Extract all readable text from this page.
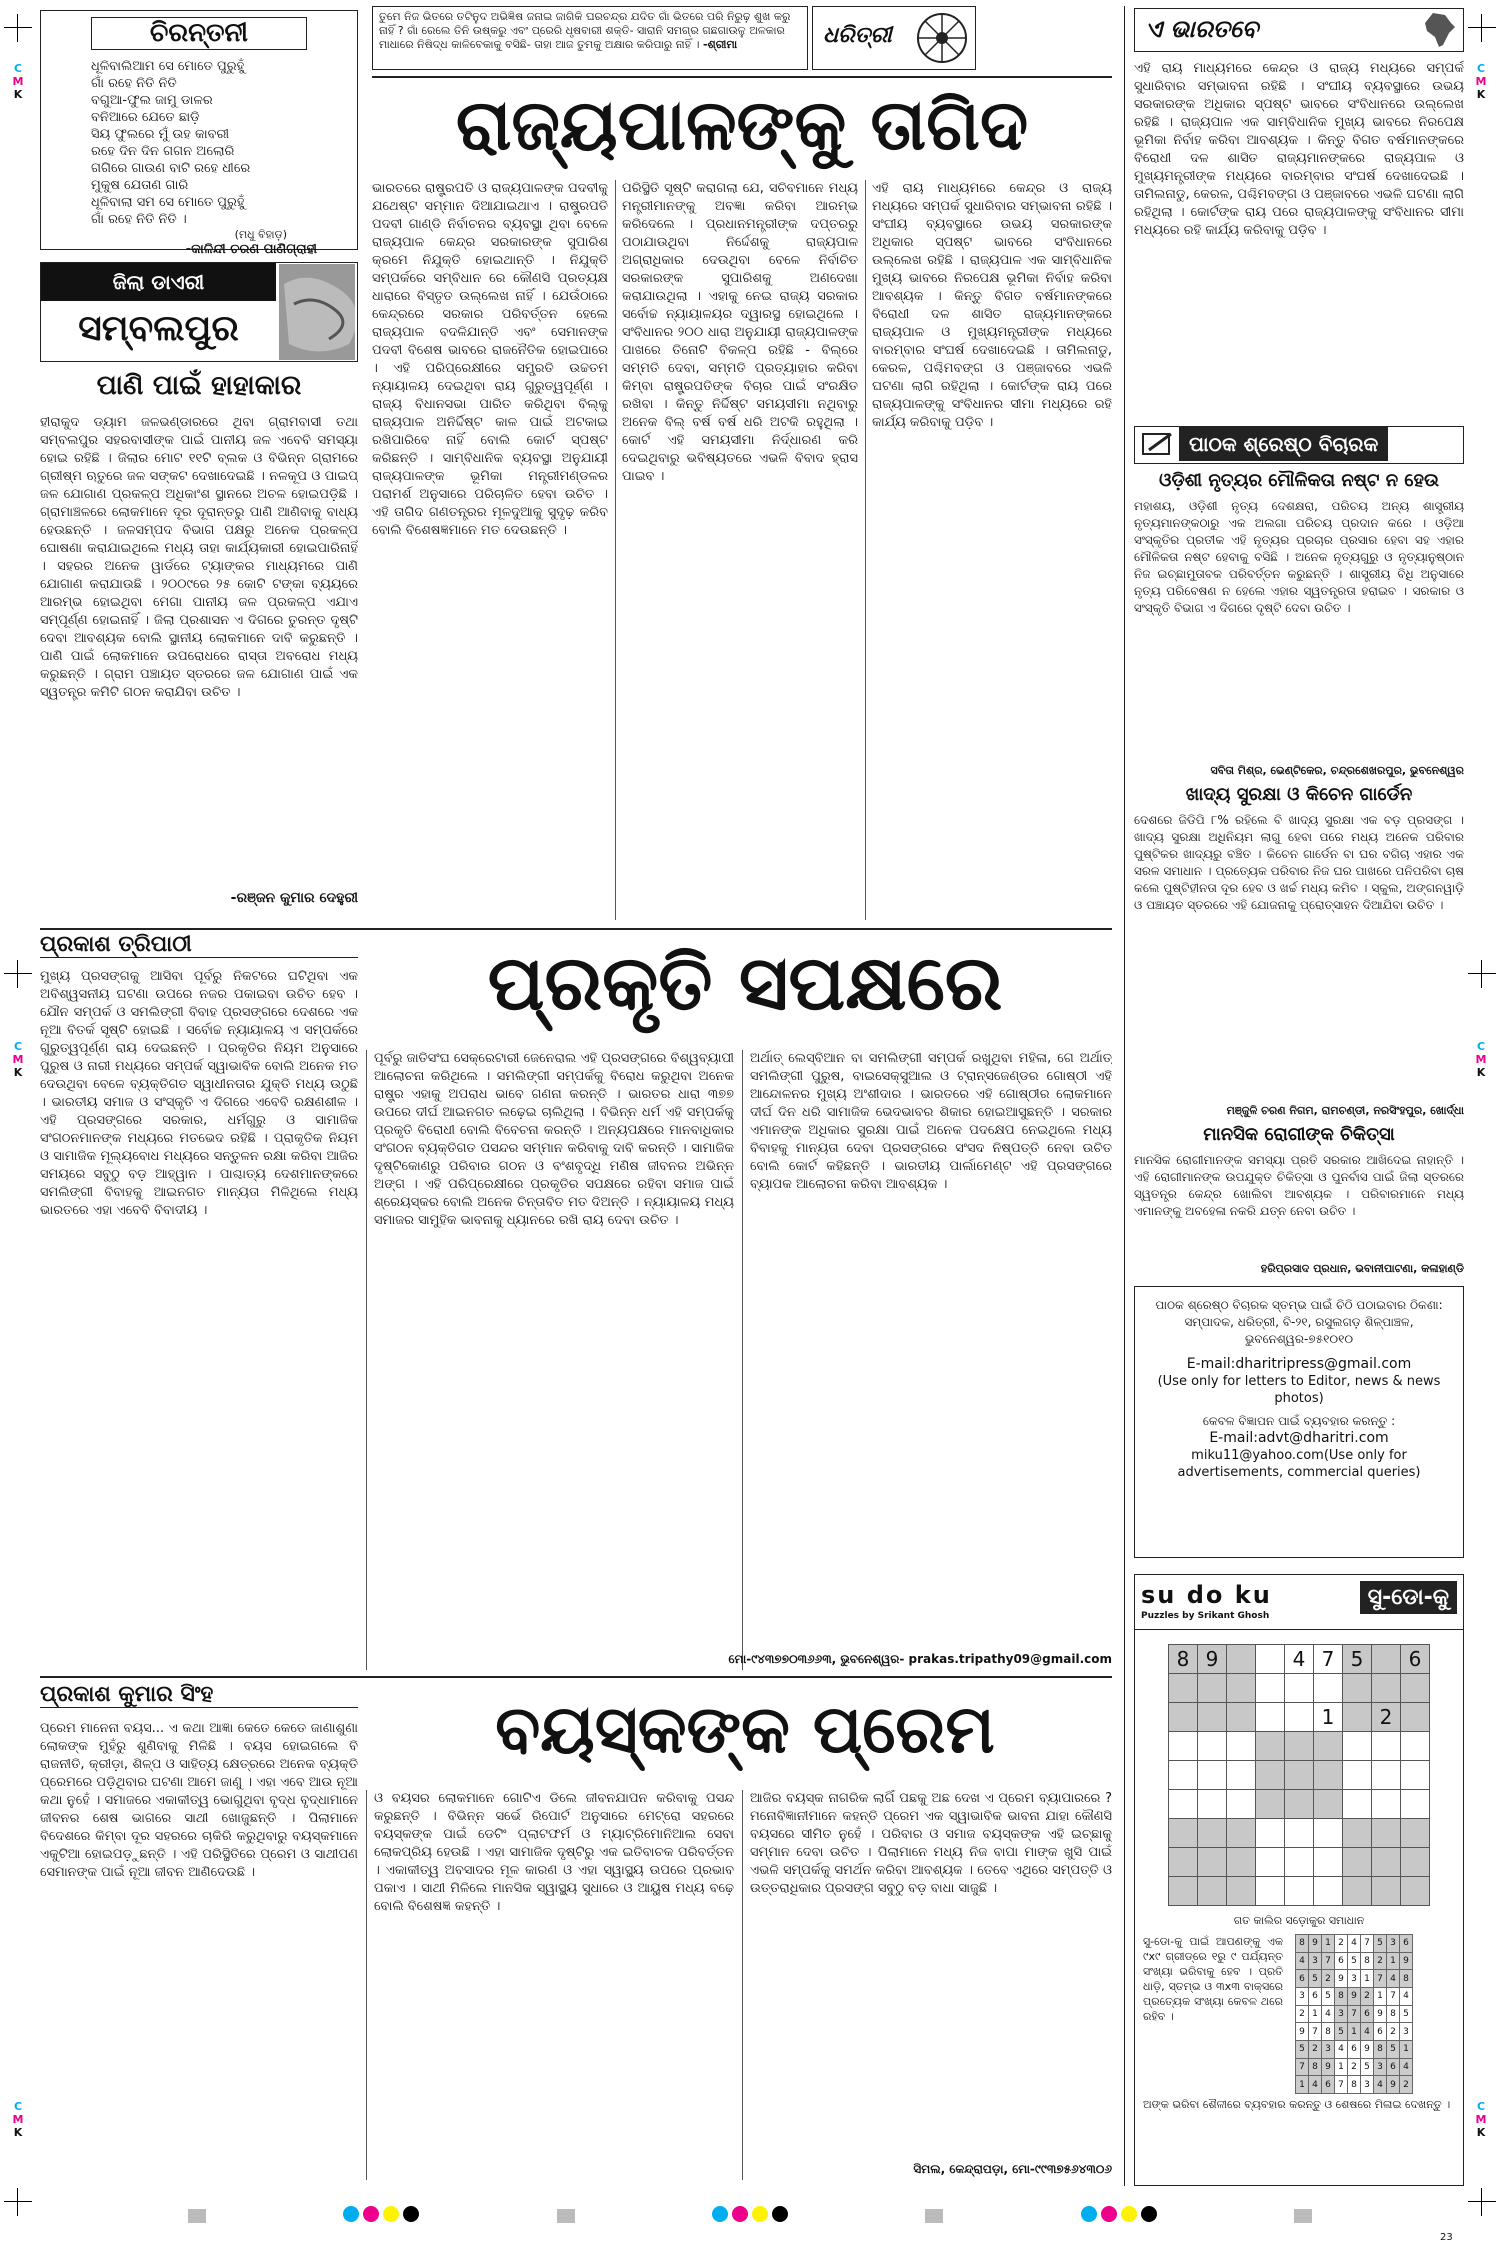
C
M
K
C
M
K
C
M
K
C
M
K
C
M
K
C
M
K
ଚିରନ୍ତନୀ
ଧୂଳିବାଲିଆମ ସେ ମୋତେ ପୁରୁହୁଁ
ଗାଁ ରହେ ନିତି ନିତି
ବଗୁଆ-ଫୁଲ ଜାମୁ ଡାଳର
ବନିଆରେ ଯେତେ ଛାଡ଼ି
ସିୟ ଫୁଲରେ ମୁଁ ଉହ କାବରୀ
ରହେ ଦିନ ଦିନ ଗଗନ ଅଲୋରି
ଗଗିରେ ଗାଉଣ ବାଟି ରହେ ଧୀରେ
ମୁକୁଷ ଯେତାଣ ଗାରି
ଧୂଳିବାଲା ସମ ସେ ମୋତେ ପୁରୁହୁଁ
ଗାଁ ରହେ ନିତି ନିତି ।
(ମଧୁ ବିହାଡ଼)
-କାଳିନ୍ଦୀ ଚରଣ ପାଣିଗ୍ରାହୀ
ଜିଲା ଡାଏରୀ
ସମ୍ବଲପୁର
ପାଣି ପାଇଁ ହାହାକାର
ହୀରାକୁଦ ଡ୍ୟାମ ଜଳଭଣ୍ଡାରରେ ଥିବା ଗ୍ରାମବାସୀ ତଥା ସମ୍ବଲପୁର ସହରବାସୀଙ୍କ ପାଇଁ ପାନୀୟ ଜଳ ଏବେବି ସମସ୍ୟା ହୋଇ ରହିଛି । ଜିଲାର ମୋଟ ୧୧ଟି ବ୍ଲକ ଓ ବିଭିନ୍ନ ଗ୍ରାମରେ ଗ୍ରୀଷ୍ମ ଋତୁରେ ଜଳ ସଙ୍କଟ ଦେଖାଦେଇଛି । ନଳକୂପ ଓ ପାଇପ୍ ଜଳ ଯୋଗାଣ ପ୍ରକଳ୍ପ ଅଧିକାଂଶ ସ୍ଥାନରେ ଅଚଳ ହୋଇପଡ଼ିଛି । ଗ୍ରାମାଞ୍ଚଳରେ ଲୋକମାନେ ଦୂର ଦୂରାନ୍ତରୁ ପାଣି ଆଣିବାକୁ ବାଧ୍ୟ ହେଉଛନ୍ତି । ଜଳସମ୍ପଦ ବିଭାଗ ପକ୍ଷରୁ ଅନେକ ପ୍ରକଳ୍ପ ଘୋଷଣା କରାଯାଇଥିଲେ ମଧ୍ୟ ତାହା କାର୍ଯ୍ୟକାରୀ ହୋଇପାରିନାହିଁ । ସହରର ଅନେକ ୱାର୍ଡରେ ଟ୍ୟାଙ୍କର ମାଧ୍ୟମରେ ପାଣି ଯୋଗାଣ କରାଯାଉଛି । ୨୦୦୯ରେ ୨୫ କୋଟି ଟଙ୍କା ବ୍ୟୟରେ ଆରମ୍ଭ ହୋଇଥିବା ମେଗା ପାନୀୟ ଜଳ ପ୍ରକଳ୍ପ ଏଯାଏ ସମ୍ପୂର୍ଣ୍ଣ ହୋଇନାହିଁ । ଜିଲା ପ୍ରଶାସନ ଏ ଦିଗରେ ତୁରନ୍ତ ଦୃଷ୍ଟି ଦେବା ଆବଶ୍ୟକ ବୋଲି ସ୍ଥାନୀୟ ଲୋକମାନେ ଦାବି କରୁଛନ୍ତି । ପାଣି ପାଇଁ ଲୋକମାନେ ଉପରୋଧରେ ରାସ୍ତା ଅବରୋଧ ମଧ୍ୟ କରୁଛନ୍ତି । ଗ୍ରାମ ପଞ୍ଚାୟତ ସ୍ତରରେ ଜଳ ଯୋଗାଣ ପାଇଁ ଏକ ସ୍ୱତନ୍ତ୍ର କମିଟି ଗଠନ କରାଯିବା ଉଚିତ ।
-ରଞ୍ଜନ କୁମାର ଦେହୁରୀ
ତୁମେ ନିଜ ଭିତରେ ତଟିନୁଦ ଅଭିଜ୍ଞିଷ ଜନାଇ ଜାଗିକି ଘରଚନ୍ଦ୍ର ଯଦିତ ଗାଁ ଭିତରେ ପରି ନିରୁଢ଼ ଶୁଖ କରୁ ନାହିଁ ? ଗାଁ ରେଲେ ତିନି ଉଷ୍କରୁ ଏବଂ ପ୍ରେରି ଧୃଷବାରୀ ଶକ୍ତି- ସାରାନି ସମଗ୍ର ଗଛଗାଉଳୁ ଅଳକାର ମାଧାରେ ନିଷିଦ୍ଧ କାଳିବେକାକୁ ବସିଛି- ତାହା ଆଜ ତୁମକୁ ଅକ୍ଷାର କରିପାରୁ ନାହିଁ । -ଶ୍ରୀମା	ଧରିତ୍ରୀ
ରାଜ୍ୟପାଳଙ୍କୁ ତାଗିଦ
ଭାରତରେ ରାଷ୍ଟ୍ରପତି ଓ ରାଜ୍ୟପାଳଙ୍କ ପଦବୀକୁ ଯଥେଷ୍ଟ ସମ୍ମାନ ଦିଆଯାଇଥାଏ । ରାଷ୍ଟ୍ରପତି ପଦବୀ ଗାଣ୍ଡି ନିର୍ବାଚନର ବ୍ୟବସ୍ଥା ଥିବା ବେଳେ ରାଜ୍ୟପାଳ କେନ୍ଦ୍ର ସରକାରଙ୍କ ସୁପାରିଶ କ୍ରମେ ନିଯୁକ୍ତି ହୋଇଥାନ୍ତି । ନିଯୁକ୍ତି ସମ୍ପର୍କରେ ସମ୍ବିଧାନ ରେ କୌଣସି ପ୍ରତ୍ୟକ୍ଷ ଧାରାରେ ବିସ୍ତୃତ ଉଲ୍ଲେଖ ନାହିଁ । ଯେଉଁଠାରେ କେନ୍ଦ୍ରରେ ସରକାର ପରିବର୍ତ୍ତନ ହେଲେ ରାଜ୍ୟପାଳ ବଦଳିଯାନ୍ତି ଏବଂ ସେମାନଙ୍କ ପଦବୀ ବିଶେଷ ଭାବରେ ରାଜନୈତିକ ହୋଇପାରେ । ଏହି ପରିପ୍ରେକ୍ଷୀରେ ସମ୍ପ୍ରତି ଉଚ୍ଚତମ ନ୍ୟାୟାଳୟ ଦେଇଥିବା ରାୟ ଗୁରୁତ୍ୱପୂର୍ଣ୍ଣ । ରାଜ୍ୟ ବିଧାନସଭା ପାରିତ କରିଥିବା ବିଲ୍‌କୁ ରାଜ୍ୟପାଳ ଅନିର୍ଦ୍ଦିଷ୍ଟ କାଳ ପାଇଁ ଅଟକାଇ ରଖିପାରିବେ ନାହିଁ ବୋଲି କୋର୍ଟ ସ୍ପଷ୍ଟ କରିଛନ୍ତି । ସାମ୍ବିଧାନିକ ବ୍ୟବସ୍ଥା ଅନୁଯାୟୀ ରାଜ୍ୟପାଳଙ୍କ ଭୂମିକା ମନ୍ତ୍ରୀମଣ୍ଡଳର ପରାମର୍ଶ ଅନୁସାରେ ପରିଚାଳିତ ହେବା ଉଚିତ । ଏହି ତାଗିଦ ଗଣତନ୍ତ୍ରର ମୂଳଦୁଆକୁ ସୁଦୃଢ଼ କରିବ ବୋଲି ବିଶେଷଜ୍ଞମାନେ ମତ ଦେଉଛନ୍ତି ।
ପରିସ୍ଥିତି ସୃଷ୍ଟି କରାଗଲା ଯେ, ସଚିବମାନେ ମଧ୍ୟ ମନ୍ତ୍ରୀମାନଙ୍କୁ ଅବଜ୍ଞା କରିବା ଆରମ୍ଭ କରିଦେଲେ । ପ୍ରଧାନମନ୍ତ୍ରୀଙ୍କ ଦପ୍ତରରୁ ପଠାଯାଉଥିବା ନିର୍ଦ୍ଦେଶକୁ ରାଜ୍ୟପାଳ ଅଗ୍ରାଧିକାର ଦେଉଥିବା ବେଳେ ନିର୍ବାଚିତ ସରକାରଙ୍କ ସୁପାରିଶକୁ ଅଣଦେଖା କରାଯାଉଥିଲା । ଏହାକୁ ନେଇ ରାଜ୍ୟ ସରକାର ସର୍ବୋଚ୍ଚ ନ୍ୟାୟାଳୟର ଦ୍ୱାରସ୍ଥ ହୋଇଥିଲେ । ସଂବିଧାନର ୨୦୦ ଧାରା ଅନୁଯାୟୀ ରାଜ୍ୟପାଳଙ୍କ ପାଖରେ ତିନୋଟି ବିକଳ୍ପ ରହିଛି - ବିଲ୍‌ରେ ସମ୍ମତି ଦେବା, ସମ୍ମତି ପ୍ରତ୍ୟାହାର କରିବା କିମ୍ବା ରାଷ୍ଟ୍ରପତିଙ୍କ ବିଚାର ପାଇଁ ସଂରକ୍ଷିତ ରଖିବା । କିନ୍ତୁ ନିର୍ଦ୍ଦିଷ୍ଟ ସମୟସୀମା ନଥିବାରୁ ଅନେକ ବିଲ୍ ବର୍ଷ ବର୍ଷ ଧରି ଅଟକି ରହୁଥିଲା । କୋର୍ଟ ଏହି ସମୟସୀମା ନିର୍ଦ୍ଧାରଣ କରି ଦେଇଥିବାରୁ ଭବିଷ୍ୟତରେ ଏଭଳି ବିବାଦ ହ୍ରାସ ପାଇବ ।
ଏହି ରାୟ ମାଧ୍ୟମରେ କେନ୍ଦ୍ର ଓ ରାଜ୍ୟ ମଧ୍ୟରେ ସମ୍ପର୍କ ସୁଧାରିବାର ସମ୍ଭାବନା ରହିଛି । ସଂଘୀୟ ବ୍ୟବସ୍ଥାରେ ଉଭୟ ସରକାରଙ୍କ ଅଧିକାର ସ୍ପଷ୍ଟ ଭାବରେ ସଂବିଧାନରେ ଉଲ୍ଲେଖ ରହିଛି । ରାଜ୍ୟପାଳ ଏକ ସାମ୍ବିଧାନିକ ମୁଖ୍ୟ ଭାବରେ ନିରପେକ୍ଷ ଭୂମିକା ନିର୍ବାହ କରିବା ଆବଶ୍ୟକ । କିନ୍ତୁ ବିଗତ ବର୍ଷମାନଙ୍କରେ ବିରୋଧୀ ଦଳ ଶାସିତ ରାଜ୍ୟମାନଙ୍କରେ ରାଜ୍ୟପାଳ ଓ ମୁଖ୍ୟମନ୍ତ୍ରୀଙ୍କ ମଧ୍ୟରେ ବାରମ୍ବାର ସଂଘର୍ଷ ଦେଖାଦେଇଛି । ତାମିଲନାଡୁ, କେରଳ, ପଶ୍ଚିମବଙ୍ଗ ଓ ପଞ୍ଜାବରେ ଏଭଳି ଘଟଣା ଲାଗି ରହିଥିଲା । କୋର୍ଟଙ୍କ ରାୟ ପରେ ରାଜ୍ୟପାଳଙ୍କୁ ସଂବିଧାନର ସୀମା ମଧ୍ୟରେ ରହି କାର୍ଯ୍ୟ କରିବାକୁ ପଡ଼ିବ ।
ପ୍ରକାଶ ତ୍ରିପାଠୀ	ପ୍ରକୃତି ସପକ୍ଷରେ
ମୁଖ୍ୟ ପ୍ରସଙ୍ଗକୁ ଆସିବା ପୂର୍ବରୁ ନିକଟରେ ଘଟିଥିବା ଏକ ଅବିଶ୍ୱସନୀୟ ଘଟଣା ଉପରେ ନଜର ପକାଇବା ଉଚିତ ହେବ । ଯୌନ ସମ୍ପର୍କ ଓ ସମଲିଙ୍ଗୀ ବିବାହ ପ୍ରସଙ୍ଗରେ ଦେଶରେ ଏକ ନୂଆ ବିତର୍କ ସୃଷ୍ଟି ହୋଇଛି । ସର୍ବୋଚ୍ଚ ନ୍ୟାୟାଳୟ ଏ ସମ୍ପର୍କରେ ଗୁରୁତ୍ୱପୂର୍ଣ୍ଣ ରାୟ ଦେଇଛନ୍ତି । ପ୍ରକୃତିର ନିୟମ ଅନୁସାରେ ପୁରୁଷ ଓ ନାରୀ ମଧ୍ୟରେ ସମ୍ପର୍କ ସ୍ୱାଭାବିକ ବୋଲି ଅନେକ ମତ ଦେଉଥିବା ବେଳେ ବ୍ୟକ୍ତିଗତ ସ୍ୱାଧୀନତାର ଯୁକ୍ତି ମଧ୍ୟ ଉଠୁଛି । ଭାରତୀୟ ସମାଜ ଓ ସଂସ୍କୃତି ଏ ଦିଗରେ ଏବେବି ରକ୍ଷଣଶୀଳ । ଏହି ପ୍ରସଙ୍ଗରେ ସରକାର, ଧର୍ମଗୁରୁ ଓ ସାମାଜିକ ସଂଗଠନମାନଙ୍କ ମଧ୍ୟରେ ମତଭେଦ ରହିଛି । ପ୍ରାକୃତିକ ନିୟମ ଓ ସାମାଜିକ ମୂଲ୍ୟବୋଧ ମଧ୍ୟରେ ସନ୍ତୁଳନ ରକ୍ଷା କରିବା ଆଜିର ସମୟରେ ସବୁଠୁ ବଡ଼ ଆହ୍ୱାନ । ପାଶ୍ଚାତ୍ୟ ଦେଶମାନଙ୍କରେ ସମଲିଙ୍ଗୀ ବିବାହକୁ ଆଇନଗତ ମାନ୍ୟତା ମିଳିଥିଲେ ମଧ୍ୟ ଭାରତରେ ଏହା ଏବେବି ବିବାଦୀୟ ।
ପୂର୍ବରୁ ଜାତିସଂଘ ସେକ୍ରେଟାରୀ ଜେନେରାଲ ଏହି ପ୍ରସଙ୍ଗରେ ବିଶ୍ୱବ୍ୟାପୀ ଆଲୋଚନା କରିଥିଲେ । ସମଲିଙ୍ଗୀ ସମ୍ପର୍କକୁ ବିରୋଧ କରୁଥିବା ଅନେକ ରାଷ୍ଟ୍ର ଏହାକୁ ଅପରାଧ ଭାବେ ଗଣନା କରନ୍ତି । ଭାରତର ଧାରା ୩୭୭ ଉପରେ ଦୀର୍ଘ ଆଇନଗତ ଲଢ଼େଇ ଚାଲିଥିଲା । ବିଭିନ୍ନ ଧର୍ମ ଏହି ସମ୍ପର୍କକୁ ପ୍ରକୃତି ବିରୋଧୀ ବୋଲି ବିବେଚନା କରନ୍ତି । ଅନ୍ୟପକ୍ଷରେ ମାନବାଧିକାର ସଂଗଠନ ବ୍ୟକ୍ତିଗତ ପସନ୍ଦର ସମ୍ମାନ କରିବାକୁ ଦାବି କରନ୍ତି । ସାମାଜିକ ଦୃଷ୍ଟିକୋଣରୁ ପରିବାର ଗଠନ ଓ ବଂଶବୃଦ୍ଧି ମଣିଷ ଜୀବନର ଅଭିନ୍ନ ଅଙ୍ଗ । ଏହି ପରିପ୍ରେକ୍ଷୀରେ ପ୍ରକୃତିର ସପକ୍ଷରେ ରହିବା ସମାଜ ପାଇଁ ଶ୍ରେୟସ୍କର ବୋଲି ଅନେକ ଚିନ୍ତାବିତ ମତ ଦିଅନ୍ତି । ନ୍ୟାୟାଳୟ ମଧ୍ୟ ସମାଜର ସାମୁହିକ ଭାବନାକୁ ଧ୍ୟାନରେ ରଖି ରାୟ ଦେବା ଉଚିତ ।
ଅର୍ଥାତ୍ ଲେସ୍‌ବିଆନ ବା ସମଲିଙ୍ଗୀ ସମ୍ପର୍କ ରଖୁଥିବା ମହିଳା, ଗେ ଅର୍ଥାତ୍ ସମଲିଙ୍ଗୀ ପୁରୁଷ, ବାଇସେକ୍ସୁଆଲ ଓ ଟ୍ରାନ୍ସଜେଣ୍ଡର ଗୋଷ୍ଠୀ ଏହି ଆନ୍ଦୋଳନର ମୁଖ୍ୟ ଅଂଶୀଦାର । ଭାରତରେ ଏହି ଗୋଷ୍ଠୀର ଲୋକମାନେ ଦୀର୍ଘ ଦିନ ଧରି ସାମାଜିକ ଭେଦଭାବର ଶିକାର ହୋଇଆସୁଛନ୍ତି । ସରକାର ଏମାନଙ୍କ ଅଧିକାର ସୁରକ୍ଷା ପାଇଁ ଅନେକ ପଦକ୍ଷେପ ନେଇଥିଲେ ମଧ୍ୟ ବିବାହକୁ ମାନ୍ୟତା ଦେବା ପ୍ରସଙ୍ଗରେ ସଂସଦ ନିଷ୍ପତ୍ତି ନେବା ଉଚିତ ବୋଲି କୋର୍ଟ କହିଛନ୍ତି । ଭାରତୀୟ ପାର୍ଲାମେଣ୍ଟ ଏହି ପ୍ରସଙ୍ଗରେ ବ୍ୟାପକ ଆଲୋଚନା କରିବା ଆବଶ୍ୟକ ।
ମୋ-୯୪୩୭୭୦୩୬୬୩, ଭୁବନେଶ୍ୱର- prakas.tripathy09@gmail.com
ପ୍ରକାଶ କୁମାର ସିଂହ	ବୟସ୍କଙ୍କ ପ୍ରେମ
ପ୍ରେମ ମାନେନା ବୟସ... ଏ କଥା ଆଜ୍ଞା କେତେ କେତେ ଜାଣାଶୁଣା ଲୋକଙ୍କ ମୁହଁରୁ ଶୁଣିବାକୁ ମିଳିଛି । ବୟସ ହୋଇଗଲେ ବି ରାଜନୀତି, କ୍ରୀଡ଼ା, ଶିଳ୍ପ ଓ ସାହିତ୍ୟ କ୍ଷେତ୍ରରେ ଅନେକ ବ୍ୟକ୍ତି ପ୍ରେମରେ ପଡ଼ିଥିବାର ଘଟଣା ଆମେ ଜାଣୁ । ଏହା ଏବେ ଆଉ ନୂଆ କଥା ନୁହେଁ । ସମାଜରେ ଏକାକୀତ୍ୱ ଭୋଗୁଥିବା ବୃଦ୍ଧ ବୃଦ୍ଧାମାନେ ଜୀବନର ଶେଷ ଭାଗରେ ସାଥୀ ଖୋଜୁଛନ୍ତି । ପିଲାମାନେ ବିଦେଶରେ କିମ୍ବା ଦୂର ସହରରେ ଚାକିରି କରୁଥିବାରୁ ବୟସ୍କମାନେ ଏକୁଟିଆ ହୋଇପଡ଼ୁଛନ୍ତି । ଏହି ପରିସ୍ଥିତିରେ ପ୍ରେମ ଓ ସାଥୀପଣ ସେମାନଙ୍କ ପାଇଁ ନୂଆ ଜୀବନ ଆଣିଦେଉଛି ।
ଓ ବୟସର ଲୋକମାନେ ଗୋଟିଏ ଡିଲେ ଜୀବନଯାପନ କରିବାକୁ ପସନ୍ଦ କରୁଛନ୍ତି । ବିଭିନ୍ନ ସର୍ଭେ ରିପୋର୍ଟ ଅନୁସାରେ ମେଟ୍ରୋ ସହରରେ ବୟସ୍କଙ୍କ ପାଇଁ ଡେଟିଂ ପ୍ଲାଟଫର୍ମ ଓ ମ୍ୟାଟ୍ରିମୋନିଆଲ ସେବା ଲୋକପ୍ରିୟ ହେଉଛି । ଏହା ସାମାଜିକ ଦୃଷ୍ଟିରୁ ଏକ ଇତିବାଚକ ପରିବର୍ତ୍ତନ । ଏକାକୀତ୍ୱ ଅବସାଦର ମୂଳ କାରଣ ଓ ଏହା ସ୍ୱାସ୍ଥ୍ୟ ଉପରେ ପ୍ରଭାବ ପକାଏ । ସାଥୀ ମିଳିଲେ ମାନସିକ ସ୍ୱାସ୍ଥ୍ୟ ସୁଧାରେ ଓ ଆୟୁଷ ମଧ୍ୟ ବଢ଼େ ବୋଲି ବିଶେଷଜ୍ଞ କହନ୍ତି ।
ଆଜିର ବୟସ୍କ ନାଗରିକ ଲାଗିଁ ପଛକୁ ଅଛ ଦେଖ ଏ ପ୍ରେମ ବ୍ୟାପାରରେ ? ମନୋବିଜ୍ଞାନୀମାନେ କହନ୍ତି ପ୍ରେମ ଏକ ସ୍ୱାଭାବିକ ଭାବନା ଯାହା କୌଣସି ବୟସରେ ସୀମିତ ନୁହେଁ । ପରିବାର ଓ ସମାଜ ବୟସ୍କଙ୍କ ଏହି ଇଚ୍ଛାକୁ ସମ୍ମାନ ଦେବା ଉଚିତ । ପିଲାମାନେ ମଧ୍ୟ ନିଜ ବାପା ମାଙ୍କ ଖୁସି ପାଇଁ ଏଭଳି ସମ୍ପର୍କକୁ ସମର୍ଥନ କରିବା ଆବଶ୍ୟକ । ତେବେ ଏଥିରେ ସମ୍ପତ୍ତି ଓ ଉତ୍ତରାଧିକାର ପ୍ରସଙ୍ଗ ସବୁଠୁ ବଡ଼ ବାଧା ସାଜୁଛି ।
ସିମଲ, କେନ୍ଦ୍ରାପଡ଼ା, ମୋ-୯୯୩୭୫୬୪୩୦୬
ଏ ଭାରତବେ
ଏହି ରାୟ ମାଧ୍ୟମରେ କେନ୍ଦ୍ର ଓ ରାଜ୍ୟ ମଧ୍ୟରେ ସମ୍ପର୍କ ସୁଧାରିବାର ସମ୍ଭାବନା ରହିଛି । ସଂଘୀୟ ବ୍ୟବସ୍ଥାରେ ଉଭୟ ସରକାରଙ୍କ ଅଧିକାର ସ୍ପଷ୍ଟ ଭାବରେ ସଂବିଧାନରେ ଉଲ୍ଲେଖ ରହିଛି । ରାଜ୍ୟପାଳ ଏକ ସାମ୍ବିଧାନିକ ମୁଖ୍ୟ ଭାବରେ ନିରପେକ୍ଷ ଭୂମିକା ନିର୍ବାହ କରିବା ଆବଶ୍ୟକ । କିନ୍ତୁ ବିଗତ ବର୍ଷମାନଙ୍କରେ ବିରୋଧୀ ଦଳ ଶାସିତ ରାଜ୍ୟମାନଙ୍କରେ ରାଜ୍ୟପାଳ ଓ ମୁଖ୍ୟମନ୍ତ୍ରୀଙ୍କ ମଧ୍ୟରେ ବାରମ୍ବାର ସଂଘର୍ଷ ଦେଖାଦେଇଛି । ତାମିଲନାଡୁ, କେରଳ, ପଶ୍ଚିମବଙ୍ଗ ଓ ପଞ୍ଜାବରେ ଏଭଳି ଘଟଣା ଲାଗି ରହିଥିଲା । କୋର୍ଟଙ୍କ ରାୟ ପରେ ରାଜ୍ୟପାଳଙ୍କୁ ସଂବିଧାନର ସୀମା ମଧ୍ୟରେ ରହି କାର୍ଯ୍ୟ କରିବାକୁ ପଡ଼ିବ ।
ପାଠକ ଶ୍ରେଷ୍ଠ ବିଚାରକ
ଓଡ଼ିଶୀ ନୃତ୍ୟର ମୌଳିକତା ନଷ୍ଟ ନ ହେଉ
ମହାଶୟ, ଓଡ଼ିଶୀ ନୃତ୍ୟ ଦେଶକ୍ଷରା, ପରିଚୟ ଅନ୍ୟ ଶାସ୍ତ୍ରୀୟ ନୃତ୍ୟମାନଙ୍କଠାରୁ ଏକ ଅଲଗା ପରିଚୟ ପ୍ରଦାନ କରେ । ଓଡ଼ିଆ ସଂସ୍କୃତିର ପ୍ରତୀକ ଏହି ନୃତ୍ୟର ପ୍ରଚାର ପ୍ରସାର ହେବା ସହ ଏହାର ମୌଳିକତା ନଷ୍ଟ ହେବାକୁ ବସିଛି । ଅନେକ ନୃତ୍ୟଗୁରୁ ଓ ନୃତ୍ୟାନୁଷ୍ଠାନ ନିଜ ଇଚ୍ଛାମୁତାବକ ପରିବର୍ତ୍ତନ କରୁଛନ୍ତି । ଶାସ୍ତ୍ରୀୟ ବିଧି ଅନୁସାରେ ନୃତ୍ୟ ପରିବେଷଣ ନ ହେଲେ ଏହାର ସ୍ୱତନ୍ତ୍ରତା ହରାଇବ । ସରକାର ଓ ସଂସ୍କୃତି ବିଭାଗ ଏ ଦିଗରେ ଦୃଷ୍ଟି ଦେବା ଉଚିତ ।
ସବିତା ମିଶ୍ର, ଭେଣ୍ଟିକେର, ଚନ୍ଦ୍ରଶେଖରପୁର, ଭୁବନେଶ୍ୱର
ଖାଦ୍ୟ ସୁରକ୍ଷା ଓ କିଚେନ ଗାର୍ଡେନ
ଦେଶରେ ଜିଡିପି ୮% ରହିଲେ ବି ଖାଦ୍ୟ ସୁରକ୍ଷା ଏକ ବଡ଼ ପ୍ରସଙ୍ଗ । ଖାଦ୍ୟ ସୁରକ୍ଷା ଅଧିନିୟମ ଲାଗୁ ହେବା ପରେ ମଧ୍ୟ ଅନେକ ପରିବାର ପୁଷ୍ଟିକର ଖାଦ୍ୟରୁ ବଞ୍ଚିତ । କିଚେନ ଗାର୍ଡେନ ବା ଘର ବଗିଚା ଏହାର ଏକ ସରଳ ସମାଧାନ । ପ୍ରତ୍ୟେକ ପରିବାର ନିଜ ଘର ପାଖରେ ପନିପରିବା ଚାଷ କଲେ ପୁଷ୍ଟିହୀନତା ଦୂର ହେବ ଓ ଖର୍ଚ୍ଚ ମଧ୍ୟ କମିବ । ସ୍କୁଲ, ଅଙ୍ଗନୱାଡ଼ି ଓ ପଞ୍ଚାୟତ ସ୍ତରରେ ଏହି ଯୋଜନାକୁ ପ୍ରୋତ୍ସାହନ ଦିଆଯିବା ଉଚିତ ।
ମଞ୍ଜୁଳି ଚରଣ ନିଗମ, ରାମଚଣ୍ଡୀ, ନରସିଂହପୁର, ଖୋର୍ଦ୍ଧା
ମାନସିକ ରୋଗୀଙ୍କ ଚିକିତ୍ସା
ମାନସିକ ରୋଗୀମାନଙ୍କ ସମସ୍ୟା ପ୍ରତି ସରକାର ଆଖିଦେଇ ନାହାନ୍ତି । ଏହି ରୋଗୀମାନଙ୍କ ଉପଯୁକ୍ତ ଚିକିତ୍ସା ଓ ପୁନର୍ବାସ ପାଇଁ ଜିଲା ସ୍ତରରେ ସ୍ୱତନ୍ତ୍ର କେନ୍ଦ୍ର ଖୋଲିବା ଆବଶ୍ୟକ । ପରିବାରମାନେ ମଧ୍ୟ ଏମାନଙ୍କୁ ଅବହେଳା ନକରି ଯତ୍ନ ନେବା ଉଚିତ ।
ହରିପ୍ରସାଦ ପ୍ରଧାନ, ଭବାନୀପାଟଣା, କଳାହାଣ୍ଡି
ପାଠକ ଶ୍ରେଷ୍ଠ ବିଚାରକ ସ୍ତମ୍ଭ ପାଇଁ ଚିଠି ପଠାଇବାର ଠିକଣା: ସମ୍ପାଦକ, ଧରିତ୍ରୀ, ବି-୨୧, ରସୁଲଗଡ଼ ଶିଳ୍ପାଞ୍ଚଳ, ଭୁବନେଶ୍ୱର-୭୫୧୦୧୦
E-mail:dharitripress@gmail.com
(Use only for letters to Editor, news & news photos)
କେବଳ ବିଜ୍ଞାପନ ପାଇଁ ବ୍ୟବହାର କରନ୍ତୁ :
E-mail:advt@dharitri.com
miku11@yahoo.com(Use only for advertisements, commercial queries)
su do ku
Puzzles by Srikant Ghosh
ସୁ-ଡୋ-କୁ
8	9			4	7	5		6

					1		2	

ଗତ କାଲିର ସଡ଼ୋକୁର ସମାଧାନ
ସୁ-ଡୋ-କୁ ପାଇଁ ଆପଣଙ୍କୁ ଏକ ୯x୯ ଗ୍ରୀଡ୍‌ରେ ୧ରୁ ୯ ପର୍ଯ୍ୟନ୍ତ ସଂଖ୍ୟା ଭରିବାକୁ ହେବ । ପ୍ରତି ଧାଡ଼ି, ସ୍ତମ୍ଭ ଓ ୩x୩ ବାକ୍ସରେ ପ୍ରତ୍ୟେକ ସଂଖ୍ୟା କେବଳ ଥରେ ରହିବ ।
8	9	1	2	4	7	5	3	6
4	3	7	6	5	8	2	1	9
6	5	2	9	3	1	7	4	8
3	6	5	8	9	2	1	7	4
2	1	4	3	7	6	9	8	5
9	7	8	5	1	4	6	2	3
5	2	3	4	6	9	8	5	1
7	8	9	1	2	5	3	6	4
1	4	6	7	8	3	4	9	2
ଅଙ୍କ ଭରିବା ଶୈଳୀରେ ବ୍ୟବହାର କରନ୍ତୁ ଓ ଶେଷରେ ମିଳାଇ ଦେଖନ୍ତୁ ।
23
